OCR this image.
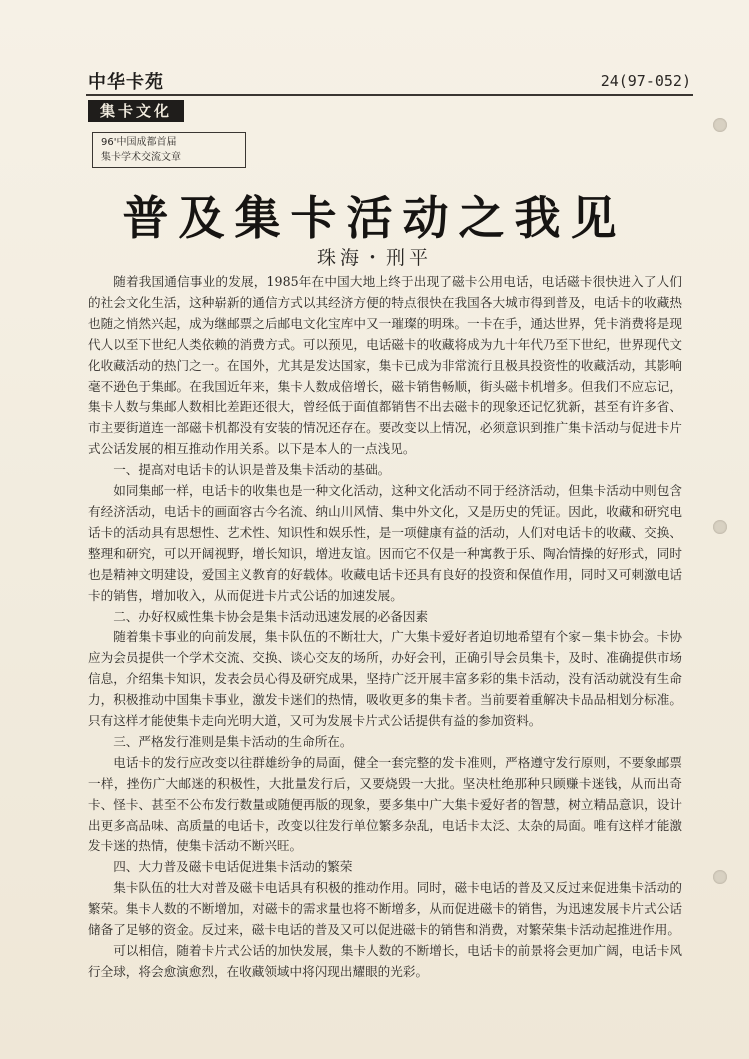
中华卡苑	24(97-052)
集卡文化
96'中国成都首届
集卡学术交流文章
普及集卡活动之我见
珠海・刑平

随着我国通信事业的发展，1985年在中国大地上终于出现了磁卡公用电话，电话磁卡很快进入了人们的社会文化生活，这种崭新的通信方式以其经济方便的特点很快在我国各大城市得到普及，电话卡的收藏热也随之悄然兴起，成为继邮票之后邮电文化宝库中又一璀璨的明珠。一卡在手，通达世界，凭卡消费将是现代人以至下世纪人类依赖的消费方式。可以预见，电话磁卡的收藏将成为九十年代乃至下世纪，世界现代文化收藏活动的热门之一。在国外，尤其是发达国家，集卡已成为非常流行且极具投资性的收藏活动，其影响毫不逊色于集邮。在我国近年来，集卡人数成倍增长，磁卡销售畅顺，街头磁卡机增多。但我们不应忘记，集卡人数与集邮人数相比差距还很大，曾经低于面值都销售不出去磁卡的现象还记忆犹新，甚至有许多省、市主要街道连一部磁卡机都没有安装的情况还存在。要改变以上情况，必须意识到推广集卡活动与促进卡片式公话发展的相互推动作用关系。以下是本人的一点浅见。

一、提高对电话卡的认识是普及集卡活动的基础。

如同集邮一样，电话卡的收集也是一种文化活动，这种文化活动不同于经济活动，但集卡活动中则包含有经济活动，电话卡的画面容古今名流、纳山川风情、集中外文化，又是历史的凭证。因此，收藏和研究电话卡的活动具有思想性、艺术性、知识性和娱乐性，是一项健康有益的活动，人们对电话卡的收藏、交换、整理和研究，可以开阔视野，增长知识，增进友谊。因而它不仅是一种寓教于乐、陶冶情操的好形式，同时也是精神文明建设，爱国主义教育的好载体。收藏电话卡还具有良好的投资和保值作用，同时又可刺激电话卡的销售，增加收入，从而促进卡片式公话的加速发展。

二、办好权威性集卡协会是集卡活动迅速发展的必备因素

随着集卡事业的向前发展，集卡队伍的不断壮大，广大集卡爱好者迫切地希望有个家－集卡协会。卡协应为会员提供一个学术交流、交换、谈心交友的场所，办好会刊，正确引导会员集卡，及时、准确提供市场信息，介绍集卡知识，发表会员心得及研究成果，坚持广泛开展丰富多彩的集卡活动，没有活动就没有生命力，积极推动中国集卡事业，激发卡迷们的热情，吸收更多的集卡者。当前要着重解决卡品品相划分标准。只有这样才能使集卡走向光明大道，又可为发展卡片式公话提供有益的参加资料。

三、严格发行准则是集卡活动的生命所在。

电话卡的发行应改变以往群雄纷争的局面，健全一套完整的发卡准则，严格遵守发行原则，不要象邮票一样，挫伤广大邮迷的积极性，大批量发行后，又要烧毁一大批。坚决杜绝那种只顾赚卡迷钱，从而出奇卡、怪卡、甚至不公布发行数量或随便再版的现象，要多集中广大集卡爱好者的智慧，树立精品意识，设计出更多高品味、高质量的电话卡，改变以往发行单位繁多杂乱，电话卡太泛、太杂的局面。唯有这样才能激发卡迷的热情，使集卡活动不断兴旺。

四、大力普及磁卡电话促进集卡活动的繁荣

集卡队伍的壮大对普及磁卡电话具有积极的推动作用。同时，磁卡电话的普及又反过来促进集卡活动的繁荣。集卡人数的不断增加，对磁卡的需求量也将不断增多，从而促进磁卡的销售，为迅速发展卡片式公话储备了足够的资金。反过来，磁卡电话的普及又可以促进磁卡的销售和消费，对繁荣集卡活动起推进作用。

可以相信，随着卡片式公话的加快发展，集卡人数的不断增长，电话卡的前景将会更加广阔，电话卡风行全球，将会愈演愈烈，在收藏领域中将闪现出耀眼的光彩。
